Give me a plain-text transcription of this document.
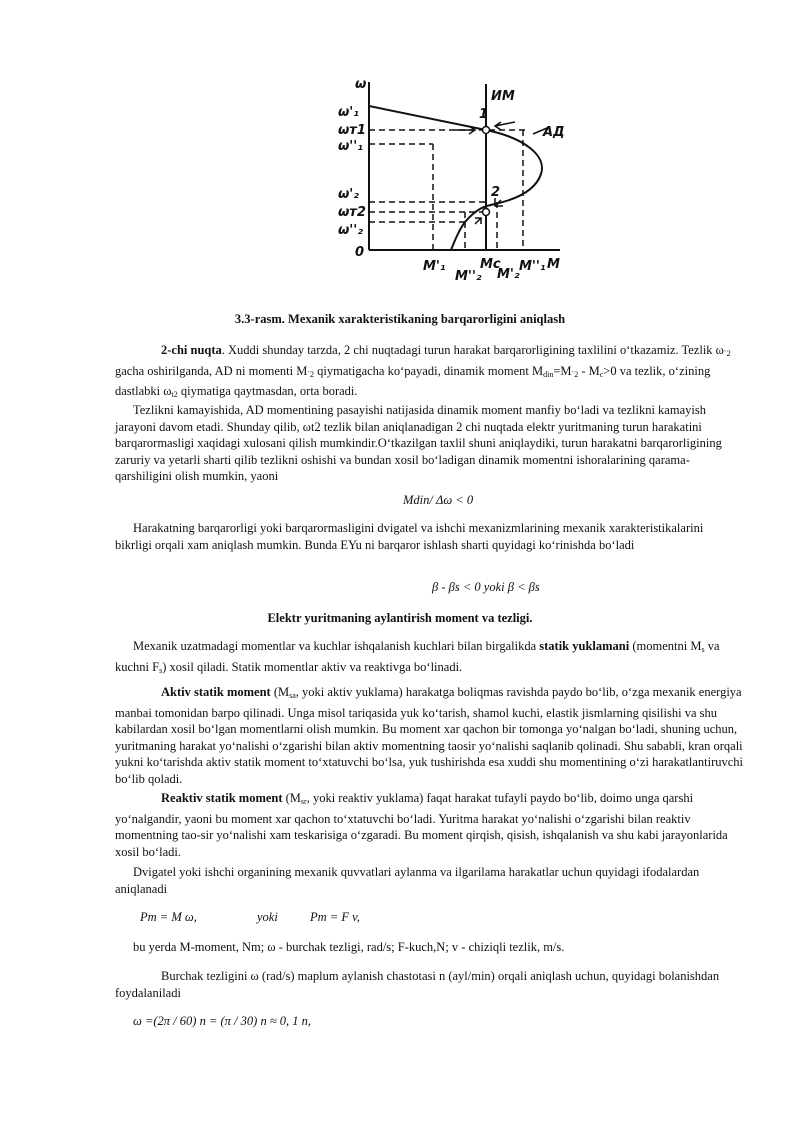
ω
ω'₁
ωт1
ω''₁
ω'₂
ωт2
ω''₂
0
M'₁
M''₂
Mc
M'₂
M''₁ M
ИМ
АД
1
2
3.3-rasm. Mexanik xarakteristikaning barqarorligini aniqlash

2-chi nuqta. Xuddi shunday tarzda, 2 chi nuqtadagi turun harakat barqarorligining taxlilini o‘tkazamiz. Tezlik $\omega_{`2}$ gacha oshirilganda, AD ni momenti $M_{`2}$ qiymatigacha ko‘payadi, dinamik moment $M_{din}=M_{`2} - M_c>0$ va tezlik, o‘zining dastlabki $\omega_{t2}$ qiymatiga qaytmasdan, orta boradi.

Tezlikni kamayishida, AD momentining pasayishi natijasida dinamik moment manfiy bo‘ladi va tezlikni kamayish jarayoni davom etadi. Shunday qilib, ωt2 tezlik bilan aniqlanadigan 2 chi nuqtada elektr yuritmaning turun harakatini barqarormasligi xaqidagi xulosani qilish mumkindir.O‘tkazilgan taxlil shuni aniqlaydiki, turun harakatni barqarorligining zaruriy va yetarli sharti qilib tezlikni oshishi va bundan xosil bo‘ladigan dinamik momentni ishoralarining qarama-qarshiligini olish mumkin, yaoni

Mdin/ Δω < 0

Harakatning barqarorligi yoki barqarormasligini dvigatel va ishchi mexanizmlarining mexanik xarakteristikalarini bikrligi orqali xam aniqlash mumkin. Bunda EYu ni barqaror ishlash sharti quyidagi ko‘rinishda bo‘ladi

β - βs < 0 yoki β < βs
Elektr yuritmaning aylantirish moment va tezligi.

Mexanik uzatmadagi momentlar va kuchlar ishqalanish kuchlari bilan birgalikda statik yuklamani (momentni $M_s$ va kuchni $F_s$) xosil qiladi. Statik momentlar aktiv va reaktivga bo‘linadi.

Aktiv statik moment ($M_{sa}$, yoki aktiv yuklama) harakatga boliqmas ravishda paydo bo‘lib, o‘zga mexanik energiya manbai tomonidan barpo qilinadi. Unga misol tariqasida yuk ko‘tarish, shamol kuchi, elastik jismlarning qisilishi va shu kabilardan xosil bo‘lgan momentlarni olish mumkin. Bu moment xar qachon bir tomonga yo‘nalgan bo‘ladi, shuning uchun, yuritmaning harakat yo‘nalishi o‘zgarishi bilan aktiv momentning taosir yo‘nalishi saqlanib qolinadi. Shu sababli, kran orqali yukni ko‘tarishda aktiv statik moment to‘xtatuvchi bo‘lsa, yuk tushirishda esa xuddi shu momentining o‘zi harakatlantiruvchi bo‘lib qoladi.

Reaktiv statik moment ($M_{sr}$, yoki reaktiv yuklama) faqat harakat tufayli paydo bo‘lib, doimo unga qarshi yo‘nalgandir, yaoni bu moment xar qachon to‘xtatuvchi bo‘ladi. Yuritma harakat yo‘nalishi o‘zgarishi bilan reaktiv momentning tao-sir yo‘nalishi xam teskarisiga o‘zgaradi. Bu moment qirqish, qisish, ishqalanish va shu kabi jarayonlarida xosil bo‘ladi.

Dvigatel yoki ishchi organining mexanik quvvatlari aylanma va ilgarilama harakatlar uchun quyidagi ifodalardan aniqlanadi

Pm = M ω,	yoki	Pm = F v,

bu yerda M-moment, Nm; ω - burchak tezligi, rad/s; F-kuch,N; v - chiziqli tezlik, m/s.

Burchak tezligini ω (rad/s) maplum aylanish chastotasi n (ayl/min) orqali aniqlash uchun, quyidagi bolanishdan foydalaniladi

ω =(2π / 60) n = (π / 30) n ≈ 0, 1 n,
